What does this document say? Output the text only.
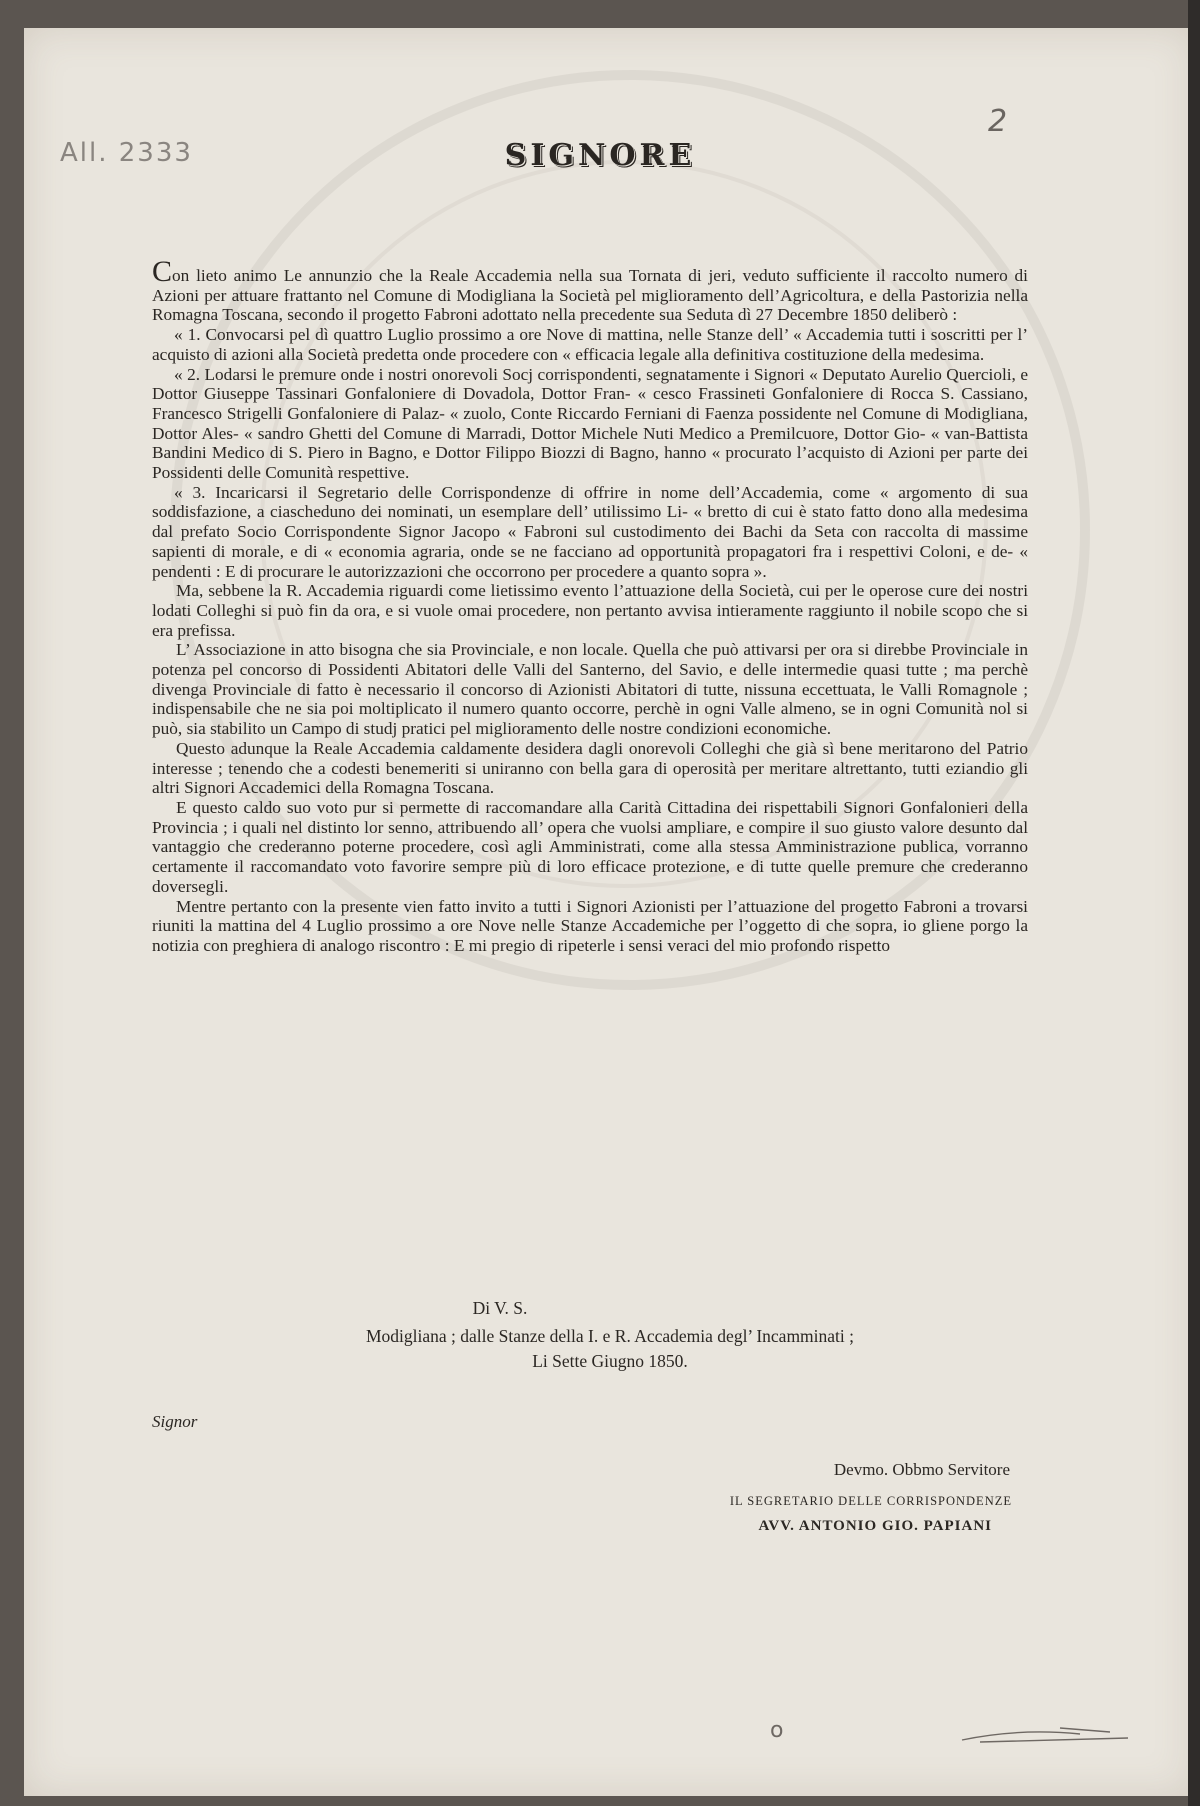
All. 2333
2
SIGNORE

Con lieto animo Le annunzio che la Reale Accademia nella sua Tornata di jeri, veduto sufficiente il raccolto numero di Azioni per attuare frattanto nel Comune di Modigliana la Società pel miglioramento dell’Agricoltura, e della Pastorizia nella Romagna Toscana, secondo il progetto Fabroni adottato nella precedente sua Seduta dì 27 Decembre 1850 deliberò :

« 1. Convocarsi pel dì quattro Luglio prossimo a ore Nove di mattina, nelle Stanze dell’ « Accademia tutti i soscritti per l’ acquisto di azioni alla Società predetta onde procedere con « efficacia legale alla definitiva costituzione della medesima.

« 2. Lodarsi le premure onde i nostri onorevoli Socj corrispondenti, segnatamente i Signori « Deputato Aurelio Quercioli, e Dottor Giuseppe Tassinari Gonfaloniere di Dovadola, Dottor Fran- « cesco Frassineti Gonfaloniere di Rocca S. Cassiano, Francesco Strigelli Gonfaloniere di Palaz- « zuolo, Conte Riccardo Ferniani di Faenza possidente nel Comune di Modigliana, Dottor Ales- « sandro Ghetti del Comune di Marradi, Dottor Michele Nuti Medico a Premilcuore, Dottor Gio- « van-Battista Bandini Medico di S. Piero in Bagno, e Dottor Filippo Biozzi di Bagno, hanno « procurato l’acquisto di Azioni per parte dei Possidenti delle Comunità respettive.

« 3. Incaricarsi il Segretario delle Corrispondenze di offrire in nome dell’Accademia, come « argomento di sua soddisfazione, a ciascheduno dei nominati, un esemplare dell’ utilissimo Li- « bretto di cui è stato fatto dono alla medesima dal prefato Socio Corrispondente Signor Jacopo « Fabroni sul custodimento dei Bachi da Seta con raccolta di massime sapienti di morale, e di « economia agraria, onde se ne facciano ad opportunità propagatori fra i respettivi Coloni, e de- « pendenti : E di procurare le autorizzazioni che occorrono per procedere a quanto sopra ».

Ma, sebbene la R. Accademia riguardi come lietissimo evento l’attuazione della Società, cui per le operose cure dei nostri lodati Colleghi si può fin da ora, e si vuole omai procedere, non pertanto avvisa intieramente raggiunto il nobile scopo che si era prefissa.

L’ Associazione in atto bisogna che sia Provinciale, e non locale. Quella che può attivarsi per ora si direbbe Provinciale in potenza pel concorso di Possidenti Abitatori delle Valli del Santerno, del Savio, e delle intermedie quasi tutte ; ma perchè divenga Provinciale di fatto è necessario il concorso di Azionisti Abitatori di tutte, nissuna eccettuata, le Valli Romagnole ; indispensabile che ne sia poi moltiplicato il numero quanto occorre, perchè in ogni Valle almeno, se in ogni Comunità nol si può, sia stabilito un Campo di studj pratici pel miglioramento delle nostre condizioni economiche.

Questo adunque la Reale Accademia caldamente desidera dagli onorevoli Colleghi che già sì bene meritarono del Patrio interesse ; tenendo che a codesti benemeriti si uniranno con bella gara di operosità per meritare altrettanto, tutti eziandio gli altri Signori Accademici della Romagna Toscana.

E questo caldo suo voto pur si permette di raccomandare alla Carità Cittadina dei rispettabili Signori Gonfalonieri della Provincia ; i quali nel distinto lor senno, attribuendo all’ opera che vuolsi ampliare, e compire il suo giusto valore desunto dal vantaggio che crederanno poterne procedere, così agli Amministrati, come alla stessa Amministrazione publica, vorranno certamente il raccomandato voto favorire sempre più di loro efficace protezione, e di tutte quelle premure che crederanno doversegli.

Mentre pertanto con la presente vien fatto invito a tutti i Signori Azionisti per l’attuazione del progetto Fabroni a trovarsi riuniti la mattina del 4 Luglio prossimo a ore Nove nelle Stanze Accademiche per l’oggetto di che sopra, io gliene porgo la notizia con preghiera di analogo riscontro : E mi pregio di ripeterle i sensi veraci del mio profondo rispetto

Di V. S.
Modigliana ; dalle Stanze della I. e R. Accademia degl’ Incamminati ;
Li Sette Giugno 1850.
Signor
Devmo. Obbmo Servitore
IL SEGRETARIO DELLE CORRISPONDENZE
AVV. ANTONIO GIO. PAPIANI
o
